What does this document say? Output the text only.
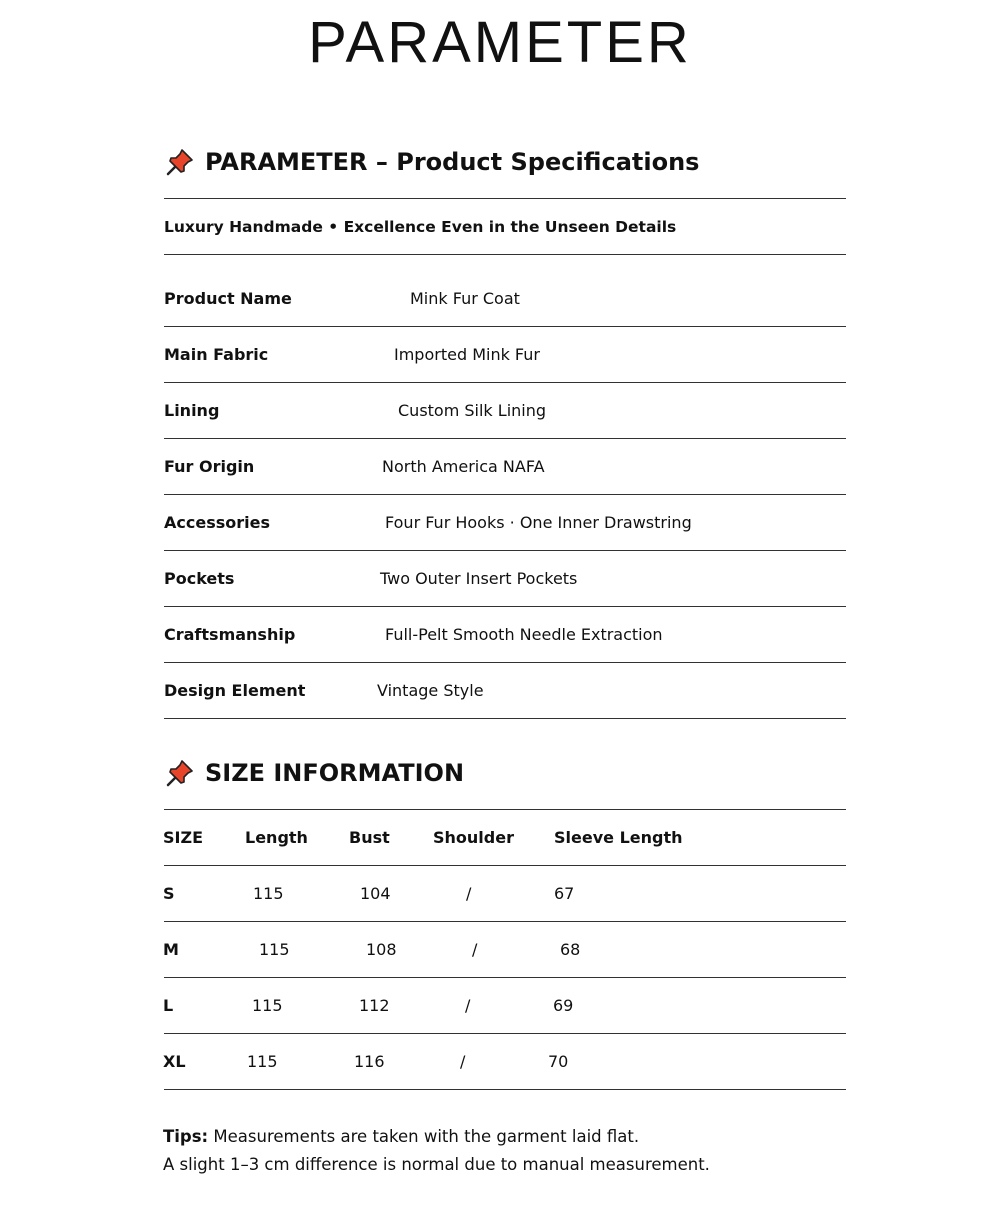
PARAMETER
PARAMETER – Product Specifications
Luxury Handmade • Excellence Even in the Unseen Details
Product Name	Mink Fur Coat
Main Fabric	Imported Mink Fur
Lining	Custom Silk Lining
Fur Origin	North America NAFA
Accessories	Four Fur Hooks · One Inner Drawstring
Pockets	Two Outer Insert Pockets
Craftsmanship	Full-Pelt Smooth Needle Extraction
Design Element	Vintage Style
SIZE INFORMATION
SIZE	Length	Bust	Shoulder	Sleeve Length
S	115	104	/	67
M	115	108	/	68
L	115	112	/	69
XL	115	116	/	70
Tips: Measurements are taken with the garment laid flat.
A slight 1–3 cm difference is normal due to manual measurement.
